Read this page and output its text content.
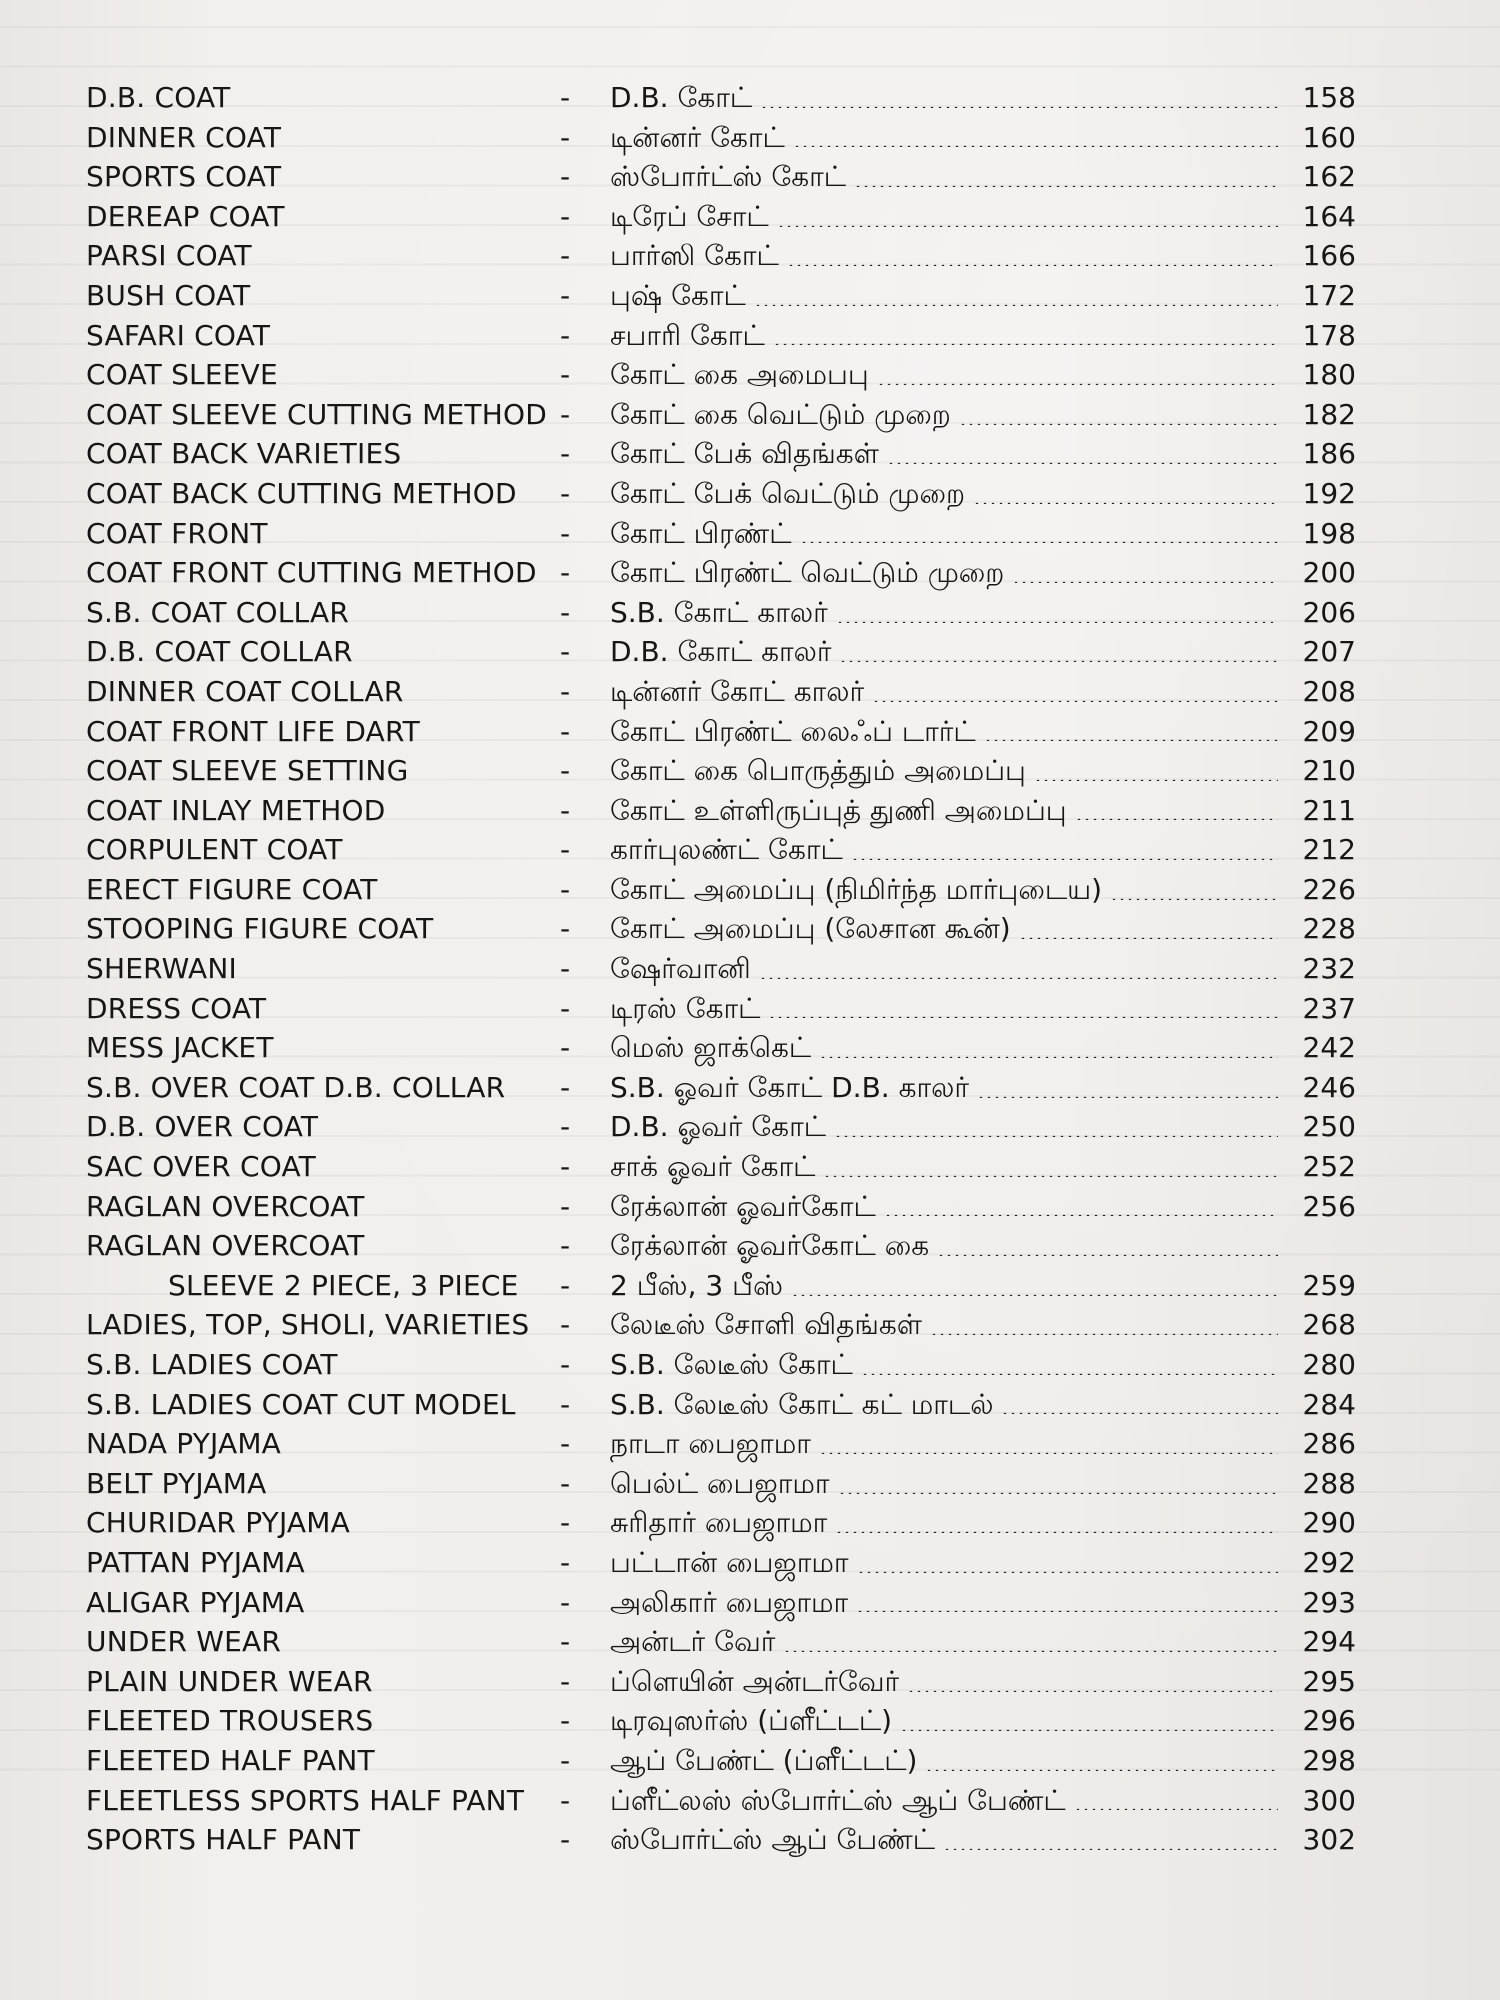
D.B. COAT	-	D.B. கோட்	158
DINNER COAT	-	டின்னர் கோட்	160
SPORTS COAT	-	ஸ்போர்ட்ஸ் கோட்	162
DEREAP COAT	-	டிரேப் சோட்	164
PARSI COAT	-	பார்ஸி கோட்	166
BUSH COAT	-	புஷ் கோட்	172
SAFARI COAT	-	சபாரி கோட்	178
COAT SLEEVE	-	கோட் கை அமைபபு	180
COAT SLEEVE CUTTING METHOD -	கோட் கை வெட்டும் முறை	182
COAT BACK VARIETIES	-	கோட் பேக் விதங்கள்	186
COAT BACK CUTTING METHOD	-	கோட் பேக் வெட்டும் முறை	192
COAT FRONT	-	கோட் பிரண்ட்	198
COAT FRONT CUTTING METHOD -	கோட் பிரண்ட் வெட்டும் முறை	200
S.B. COAT COLLAR	-	S.B. கோட் காலர்	206
D.B. COAT COLLAR	-	D.B. கோட் காலர்	207
DINNER COAT COLLAR	-	டின்னர் கோட் காலர்	208
COAT FRONT LIFE DART	-	கோட் பிரண்ட் லைஃப் டார்ட்	209
COAT SLEEVE SETTING	-	கோட் கை பொருத்தும் அமைப்பு	210
COAT INLAY METHOD	-	கோட் உள்ளிருப்புத் துணி அமைப்பு	211
CORPULENT COAT	-	கார்புலண்ட் கோட்	212
ERECT FIGURE COAT	-	கோட் அமைப்பு (நிமிர்ந்த மார்புடைய)	226
STOOPING FIGURE COAT	-	கோட் அமைப்பு (லேசான கூன்)	228
SHERWANI	-	ஷேர்வானி	232
DRESS COAT	-	டிரஸ் கோட்	237
MESS JACKET	-	மெஸ் ஜாக்கெட்	242
S.B. OVER COAT D.B. COLLAR	-	S.B. ஓவர் கோட் D.B. காலர்	246
D.B. OVER COAT	-	D.B. ஓவர் கோட்	250
SAC OVER COAT	-	சாக் ஓவர் கோட்	252
RAGLAN OVERCOAT	-	ரேக்லான் ஓவர்கோட்	256
RAGLAN OVERCOAT	-	ரேக்லான் ஓவர்கோட் கை
SLEEVE 2 PIECE, 3 PIECE	-	2 பீஸ், 3 பீஸ்	259
LADIES, TOP, SHOLI, VARIETIES	-	லேடீஸ் சோளி விதங்கள்	268
S.B. LADIES COAT	-	S.B. லேடீஸ் கோட்	280
S.B. LADIES COAT CUT MODEL	-	S.B. லேடீஸ் கோட் கட் மாடல்	284
NADA PYJAMA	-	நாடா பைஜாமா	286
BELT PYJAMA	-	பெல்ட் பைஜாமா	288
CHURIDAR PYJAMA	-	சுரிதார் பைஜாமா	290
PATTAN PYJAMA	-	பட்டான் பைஜாமா	292
ALIGAR PYJAMA	-	அலிகார் பைஜாமா	293
UNDER WEAR	-	அன்டர் வேர்	294
PLAIN UNDER WEAR	-	ப்ளெயின் அன்டர்வேர்	295
FLEETED TROUSERS	-	டிரவுஸர்ஸ் (ப்ளீட்டட்)	296
FLEETED HALF PANT	-	ஆப் பேண்ட் (ப்ளீட்டட்)	298
FLEETLESS SPORTS HALF PANT	-	ப்ளீட்லஸ் ஸ்போர்ட்ஸ் ஆப் பேண்ட்	300
SPORTS HALF PANT	-	ஸ்போர்ட்ஸ் ஆப் பேண்ட்	302
